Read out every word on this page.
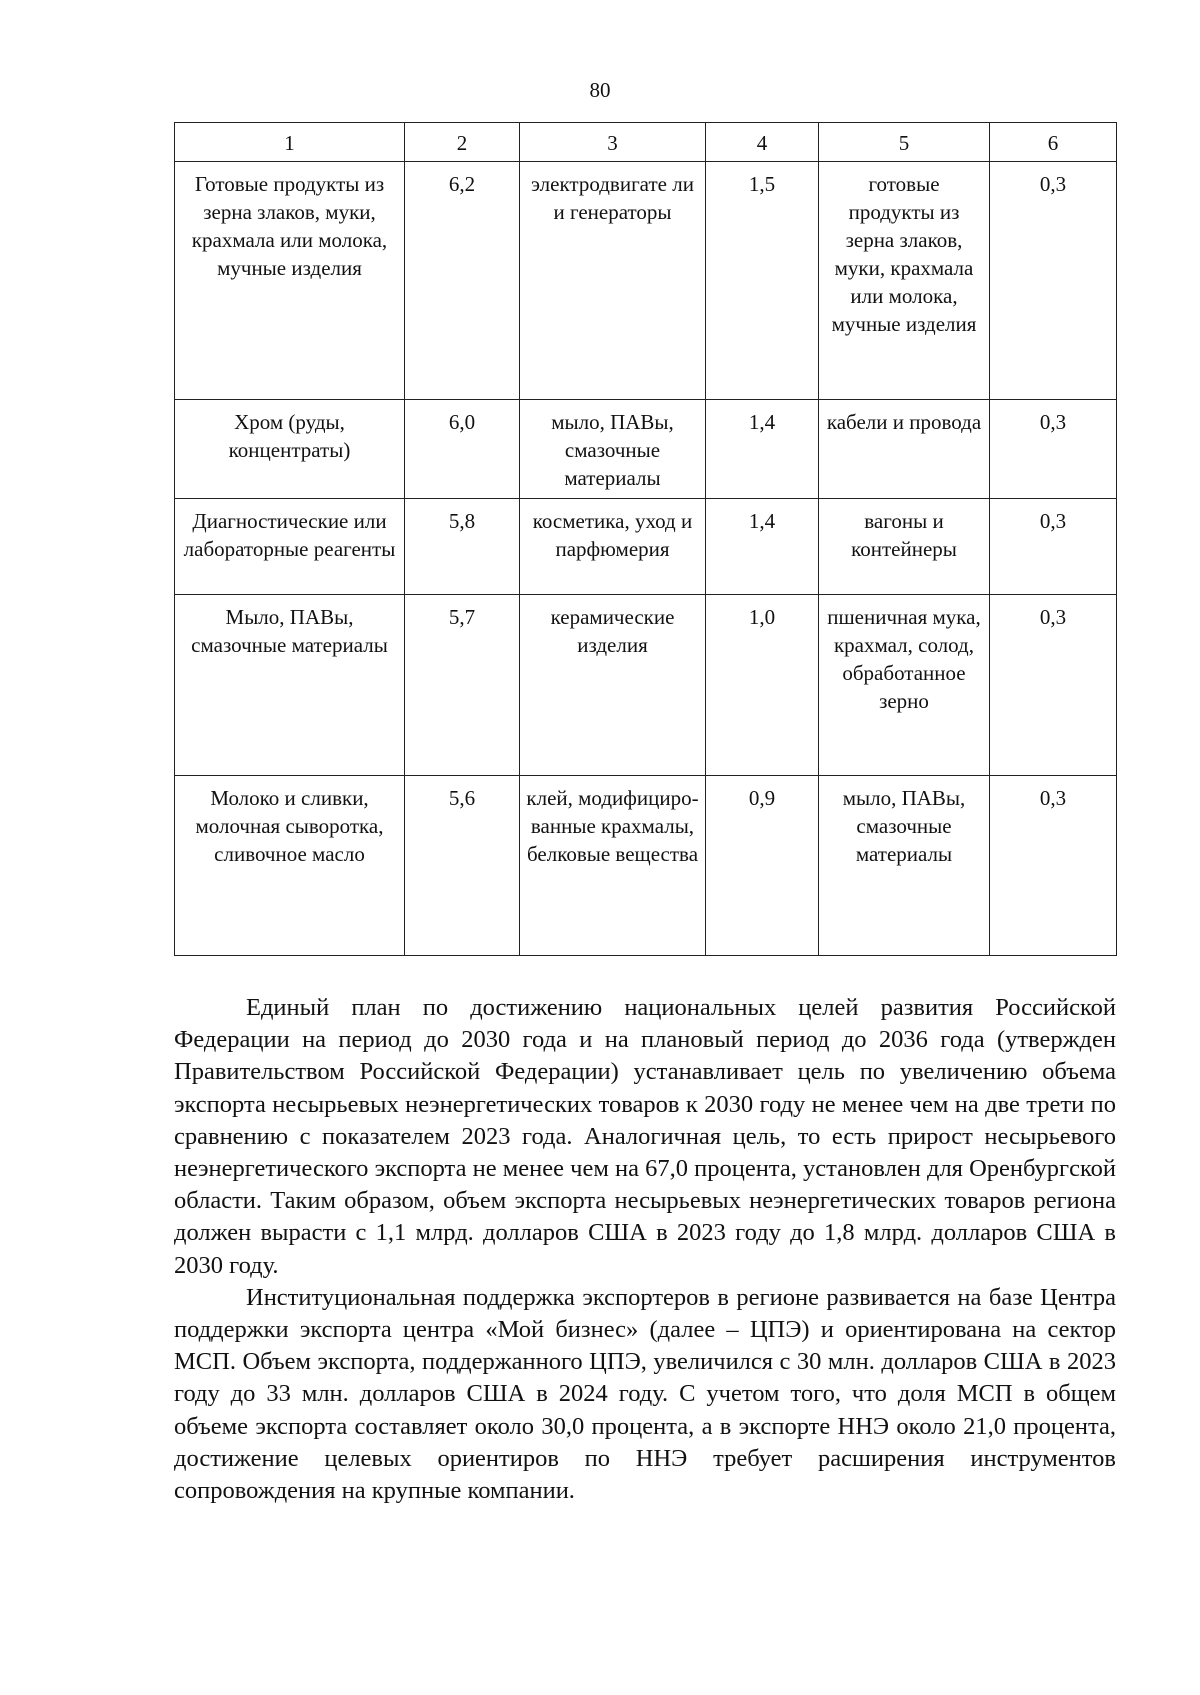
80
1	2	3	4	5	6
Готовые продукты из зерна злаков, муки, крахмала или молока, мучные изделия	6,2	электродвигате ли и генераторы	1,5	готовые продукты из зерна злаков, муки, крахмала или молока, мучные изделия	0,3
Хром (руды, концентраты)	6,0	мыло, ПАВы, смазочные материалы	1,4	кабели и провода	0,3
Диагностические или лабораторные реагенты	5,8	косметика, уход и парфюмерия	1,4	вагоны и контейнеры	0,3
Мыло, ПАВы, смазочные материалы	5,7	керамические изделия	1,0	пшеничная мука, крахмал, солод, обработанное зерно	0,3
Молоко и сливки, молочная сыворотка, сливочное масло	5,6	клей, модифициро-ванные крахмалы, белковые вещества	0,9	мыло, ПАВы, смазочные материалы	0,3

Единый план по достижению национальных целей развития Российской Федерации на период до 2030 года и на плановый период до 2036 года (утвержден Правительством Российской Федерации) устанавливает цель по увеличению объема экспорта несырьевых неэнергетических товаров к 2030 году не менее чем на две трети по сравнению с показателем 2023 года. Аналогичная цель, то есть прирост несырьевого неэнергетического экспорта не менее чем на 67,0 процента, установлен для Оренбургской области. Таким образом, объем экспорта несырьевых неэнергетических товаров региона должен вырасти с 1,1 млрд. долларов США в 2023 году до 1,8 млрд. долларов США в 2030 году.

Институциональная поддержка экспортеров в регионе развивается на базе Центра поддержки экспорта центра «Мой бизнес» (далее – ЦПЭ) и ориентирована на сектор МСП. Объем экспорта, поддержанного ЦПЭ, увеличился с 30 млн. долларов США в 2023 году до 33 млн. долларов США в 2024 году. С учетом того, что доля МСП в общем объеме экспорта составляет около 30,0 процента, а в экспорте ННЭ около 21,0 процента, достижение целевых ориентиров по ННЭ требует расширения инструментов сопровождения на крупные компании.
